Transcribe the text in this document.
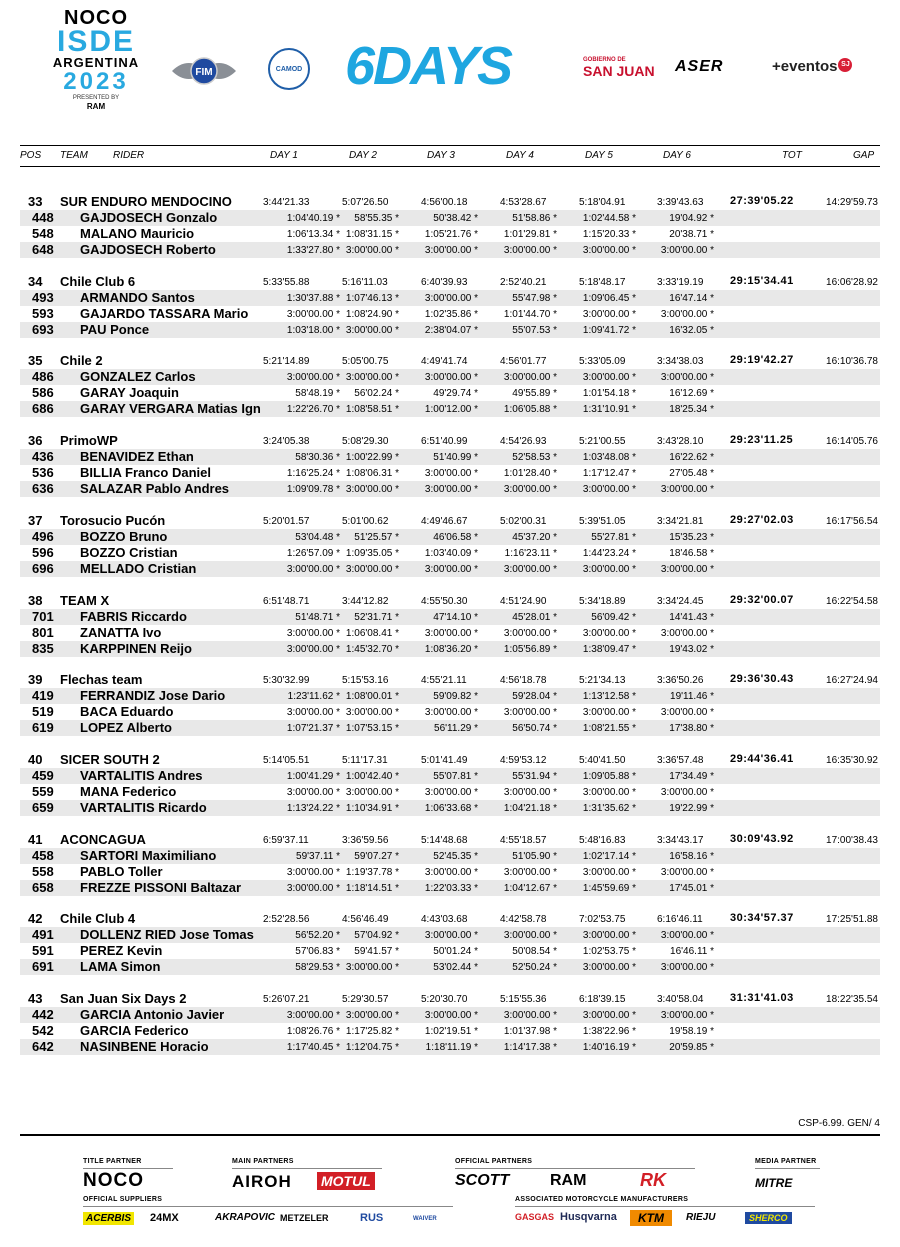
NOCO
ISDE
ARGENTINA
2023
PRESENTED BY
RAM
FIM	CAMOD 6DAYS	GOBIERNO DE
SAN JUAN ASER	+eventos SJ
POS TEAM	RIDER	DAY 1	DAY 2	DAY 3	DAY 4	DAY 5	DAY 6	TOT	GAP
33 SUR ENDURO MENDOCINO	3:44'21.33	5:07'26.50	4:56'00.18	4:53'28.67	5:18'04.91	3:39'43.63	27:39'05.22	14:29'59.73
448 GAJDOSECH Gonzalo	1:04'40.19 *	58'55.35 *	50'38.42 *	51'58.86 *	1:02'44.58 *	19'04.92 *
548 MALANO Mauricio	1:06'13.34 * 1:08'31.15 *	1:05'21.76 *	1:01'29.81 *	1:15'20.33 *	20'38.71 *
648 GAJDOSECH Roberto	1:33'27.80 * 3:00'00.00 *	3:00'00.00 *	3:00'00.00 *	3:00'00.00 *	3:00'00.00 *
34 Chile Club 6	5:33'55.88	5:16'11.03	6:40'39.93	2:52'40.21	5:18'48.17	3:33'19.19	29:15'34.41	16:06'28.92
493 ARMANDO Santos	1:30'37.88 * 1:07'46.13 *	3:00'00.00 *	55'47.98 *	1:09'06.45 *	16'47.14 *
593 GAJARDO TASSARA Mario	3:00'00.00 * 1:08'24.90 *	1:02'35.86 *	1:01'44.70 *	3:00'00.00 *	3:00'00.00 *
693 PAU Ponce	1:03'18.00 * 3:00'00.00 *	2:38'04.07 *	55'07.53 *	1:09'41.72 *	16'32.05 *
35 Chile 2	5:21'14.89	5:05'00.75	4:49'41.74	4:56'01.77	5:33'05.09	3:34'38.03	29:19'42.27	16:10'36.78
486 GONZALEZ Carlos	3:00'00.00 * 3:00'00.00 *	3:00'00.00 *	3:00'00.00 *	3:00'00.00 *	3:00'00.00 *
586 GARAY Joaquin	58'48.19 *	56'02.24 *	49'29.74 *	49'55.89 *	1:01'54.18 *	16'12.69 *
686 GARAY VERGARA Matias Ign	1:22'26.70 * 1:08'58.51 *	1:00'12.00 *	1:06'05.88 *	1:31'10.91 *	18'25.34 *
36 PrimoWP	3:24'05.38	5:08'29.30	6:51'40.99	4:54'26.93	5:21'00.55	3:43'28.10	29:23'11.25	16:14'05.76
436 BENAVIDEZ Ethan	58'30.36 * 1:00'22.99 *	51'40.99 *	52'58.53 *	1:03'48.08 *	16'22.62 *
536 BILLIA Franco Daniel	1:16'25.24 * 1:08'06.31 *	3:00'00.00 *	1:01'28.40 *	1:17'12.47 *	27'05.48 *
636 SALAZAR Pablo Andres	1:09'09.78 * 3:00'00.00 *	3:00'00.00 *	3:00'00.00 *	3:00'00.00 *	3:00'00.00 *
37 Torosucio Pucón	5:20'01.57	5:01'00.62	4:49'46.67	5:02'00.31	5:39'51.05	3:34'21.81	29:27'02.03	16:17'56.54
496 BOZZO Bruno	53'04.48 *	51'25.57 *	46'06.58 *	45'37.20 *	55'27.81 *	15'35.23 *
596 BOZZO Cristian	1:26'57.09 * 1:09'35.05 *	1:03'40.09 *	1:16'23.11 *	1:44'23.24 *	18'46.58 *
696 MELLADO Cristian	3:00'00.00 * 3:00'00.00 *	3:00'00.00 *	3:00'00.00 *	3:00'00.00 *	3:00'00.00 *
38 TEAM X	6:51'48.71	3:44'12.82	4:55'50.30	4:51'24.90	5:34'18.89	3:34'24.45	29:32'00.07	16:22'54.58
701 FABRIS Riccardo	51'48.71 *	52'31.71 *	47'14.10 *	45'28.01 *	56'09.42 *	14'41.43 *
801 ZANATTA Ivo	3:00'00.00 * 1:06'08.41 *	3:00'00.00 *	3:00'00.00 *	3:00'00.00 *	3:00'00.00 *
835 KARPPINEN Reijo	3:00'00.00 * 1:45'32.70 *	1:08'36.20 *	1:05'56.89 *	1:38'09.47 *	19'43.02 *
39 Flechas team	5:30'32.99	5:15'53.16	4:55'21.11	4:56'18.78	5:21'34.13	3:36'50.26	29:36'30.43	16:27'24.94
419 FERRANDIZ Jose Dario	1:23'11.62 * 1:08'00.01 *	59'09.82 *	59'28.04 *	1:13'12.58 *	19'11.46 *
519 BACA Eduardo	3:00'00.00 * 3:00'00.00 *	3:00'00.00 *	3:00'00.00 *	3:00'00.00 *	3:00'00.00 *
619 LOPEZ Alberto	1:07'21.37 * 1:07'53.15 *	56'11.29 *	56'50.74 *	1:08'21.55 *	17'38.80 *
40 SICER SOUTH 2	5:14'05.51	5:11'17.31	5:01'41.49	4:59'53.12	5:40'41.50	3:36'57.48	29:44'36.41	16:35'30.92
459 VARTALITIS Andres	1:00'41.29 * 1:00'42.40 *	55'07.81 *	55'31.94 *	1:09'05.88 *	17'34.49 *
559 MANA Federico	3:00'00.00 * 3:00'00.00 *	3:00'00.00 *	3:00'00.00 *	3:00'00.00 *	3:00'00.00 *
659 VARTALITIS Ricardo	1:13'24.22 * 1:10'34.91 *	1:06'33.68 *	1:04'21.18 *	1:31'35.62 *	19'22.99 *
41 ACONCAGUA	6:59'37.11	3:36'59.56	5:14'48.68	4:55'18.57	5:48'16.83	3:34'43.17	30:09'43.92	17:00'38.43
458 SARTORI Maximiliano	59'37.11 *	59'07.27 *	52'45.35 *	51'05.90 *	1:02'17.14 *	16'58.16 *
558 PABLO Toller	3:00'00.00 * 1:19'37.78 *	3:00'00.00 *	3:00'00.00 *	3:00'00.00 *	3:00'00.00 *
658 FREZZE PISSONI Baltazar	3:00'00.00 * 1:18'14.51 *	1:22'03.33 *	1:04'12.67 *	1:45'59.69 *	17'45.01 *
42 Chile Club 4	2:52'28.56	4:56'46.49	4:43'03.68	4:42'58.78	7:02'53.75	6:16'46.11	30:34'57.37	17:25'51.88
491 DOLLENZ RIED Jose Tomas	56'52.20 *	57'04.92 *	3:00'00.00 *	3:00'00.00 *	3:00'00.00 *	3:00'00.00 *
591 PEREZ Kevin	57'06.83 *	59'41.57 *	50'01.24 *	50'08.54 *	1:02'53.75 *	16'46.11 *
691 LAMA Simon	58'29.53 * 3:00'00.00 *	53'02.44 *	52'50.24 *	3:00'00.00 *	3:00'00.00 *
43 San Juan Six Days 2	5:26'07.21	5:29'30.57	5:20'30.70	5:15'55.36	6:18'39.15	3:40'58.04	31:31'41.03	18:22'35.54
442 GARCIA Antonio Javier	3:00'00.00 * 3:00'00.00 *	3:00'00.00 *	3:00'00.00 *	3:00'00.00 *	3:00'00.00 *
542 GARCIA Federico	1:08'26.76 * 1:17'25.82 *	1:02'19.51 *	1:01'37.98 *	1:38'22.96 *	19'58.19 *
642 NASINBENE Horacio	1:17'40.45 * 1:12'04.75 *	1:18'11.19 *	1:14'17.38 *	1:40'16.19 *	20'59.85 *
CSP-6.99. GEN/ 4
TITLE PARTNER
NOCO
MAIN PARTNERS
AIROH MOTUL
OFFICIAL PARTNERS
SCOTT	RAM	RK
MEDIA PARTNER
MITRE
OFFICIAL SUPPLIERS
ACERBIS 24MX	AKRAPOVIC METZELER	RUS	WAIVER
ASSOCIATED MOTORCYCLE MANUFACTURERS
GASGAS Husqvarna	KTM	RIEJU	SHERCO
